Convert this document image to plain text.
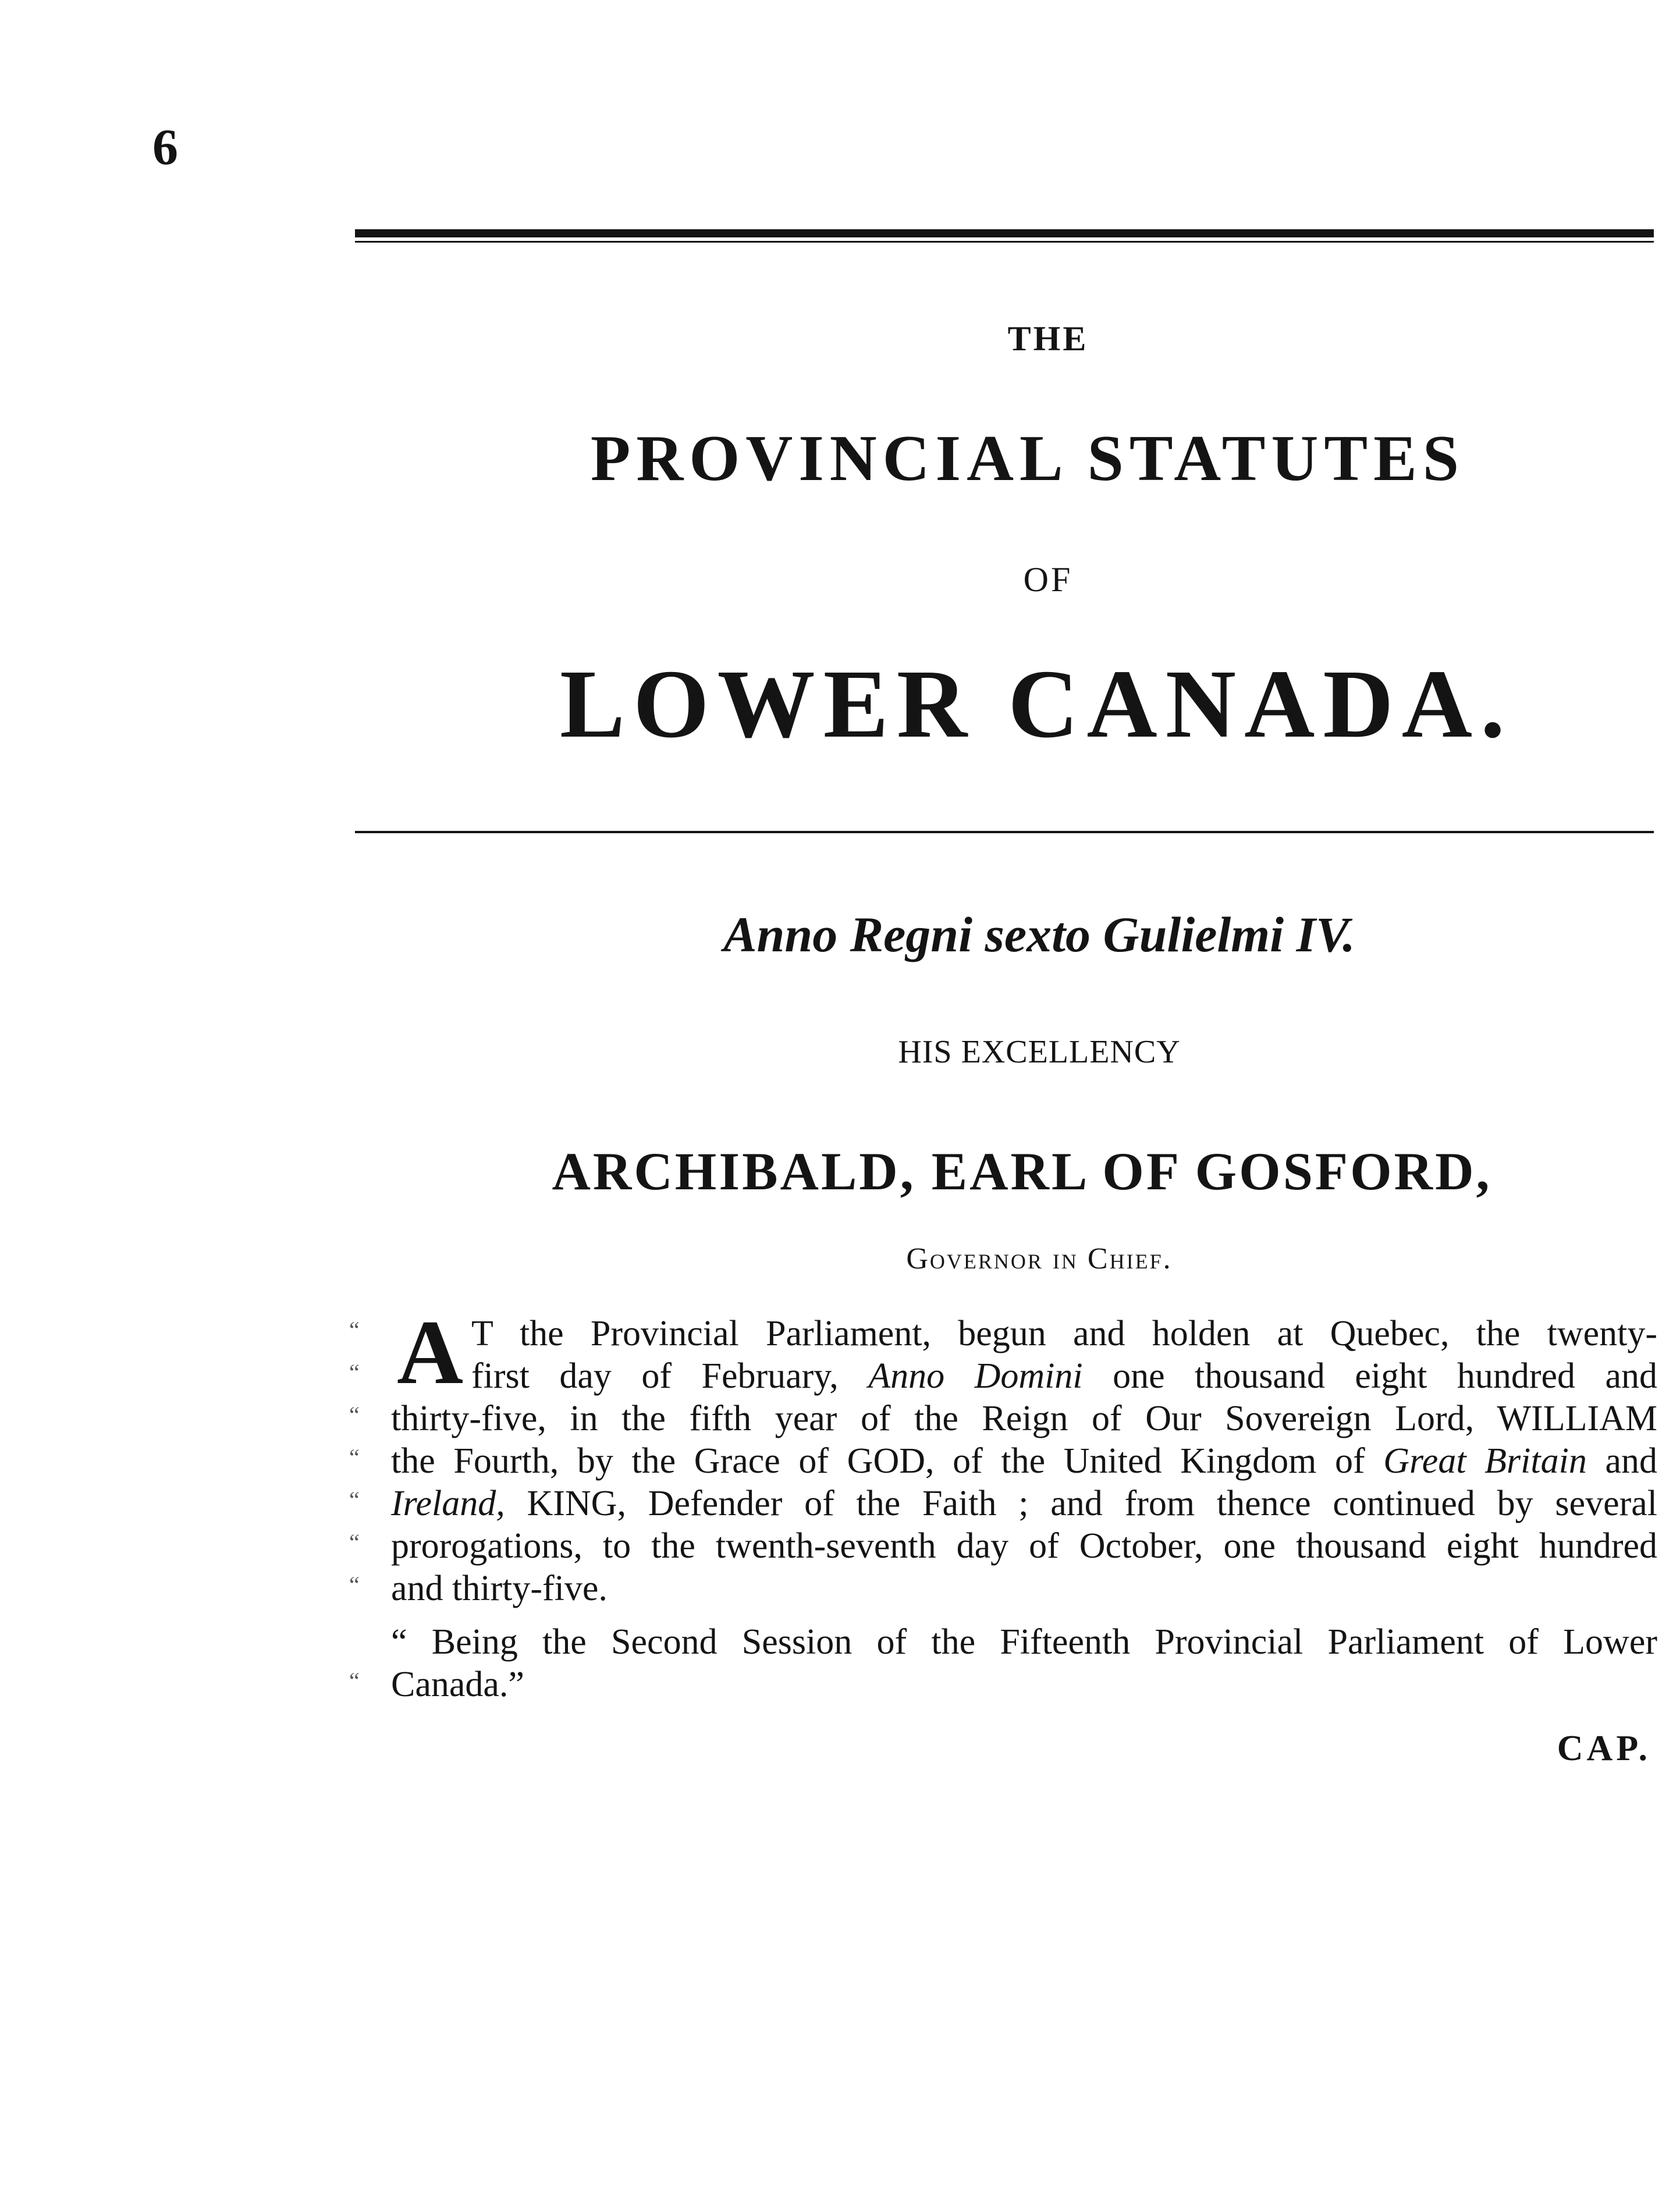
6
THE
PROVINCIAL STATUTES
OF
LOWER CANADA.
Anno Regni sexto Gulielmi IV.
HIS EXCELLENCY
ARCHIBALD, EARL OF GOSFORD,
Governor in Chief.
A
“	T the Provincial Parliament, begun and holden at Quebec, the twenty-
“	first day of February, Anno Domini one thousand eight hundred and
“ thirty-five, in the fifth year of the Reign of Our Sovereign Lord, WILLIAM
“ the Fourth, by the Grace of GOD, of the United Kingdom of Great Britain and
“ Ireland, KING, Defender of the Faith ; and from thence continued by several
“ prorogations, to the twenth-seventh day of October, one thousand eight hundred
“ and thirty-five.
“ Being the Second Session of the Fifteenth Provincial Parliament of Lower
“ Canada.”
CAP.
